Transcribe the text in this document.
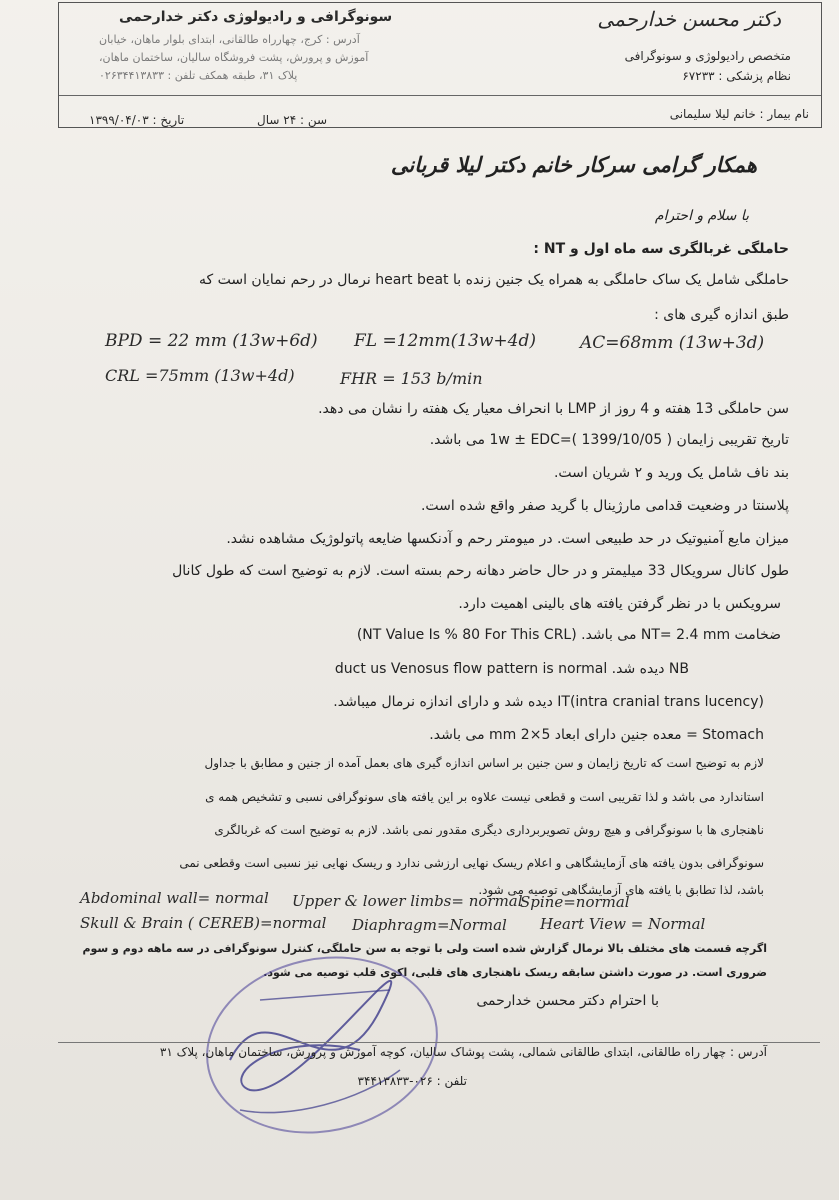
سونوگرافی و رادیولوژی دکتر خدارحمی
آدرس : کرج، چهارراه طالقانی، ابتدای بلوار ماهان، خیابان
آموزش و پرورش، پشت فروشگاه سالیان، ساختمان ماهان،
پلاک ۳۱، طبقه همکف تلفن : ۰۲۶۳۴۴۱۳۸۳۳
دکتر محسن خدارحمی
متخصص رادیولوژی و سونوگرافی
نظام پزشکی : ۶۷۲۳۳
نام بیمار : خانم لیلا سلیمانی
سن : ۲۴ سال
تاریخ : ۱۳۹۹/۰۴/۰۳
همکار گرامی سرکار خانم دکتر لیلا قربانی
با سلام و احترام
حاملگی غربالگری سه ماه اول و NT :
حاملگی شامل یک ساک حاملگی به همراه یک جنین زنده با heart beat نرمال در رحم نمایان است که
طبق اندازه گیری های :
BPD = 22 mm (13w+6d) FL =12mm(13w+4d)	AC=68mm (13w+3d)
CRL =75mm (13w+4d)	FHR = 153 b/min
سن حاملگی 13 هفته و 4 روز از LMP با انحراف معیار یک هفته را نشان می دهد.
تاریخ تقریبی زایمان 1w ± EDC=( 1399/10/05 ) می باشد.
بند ناف شامل یک ورید و ۲ شریان است.
پلاسنتا در وضعیت قدامی مارژینال با گرید صفر واقع شده است.
میزان مایع آمنیوتیک در حد طبیعی است. در میومتر رحم و آدنکسها ضایعه پاتولوژیک مشاهده نشد.
طول کانال سرویکال 33 میلیمتر و در حال حاضر دهانه رحم بسته است. لازم به توضیح است که طول کانال
سرویکس با در نظر گرفتن یافته های بالینی اهمیت دارد.
ضخامت NT= 2.4 mm می باشد. (NT Value Is % 80 For This CRL)
NB دیده شد. duct us Venosus flow pattern is normal
IT(intra cranial trans lucency) دیده شد و دارای اندازه نرمال میباشد.
Stomach = معده جنین دارای ابعاد 5×2 mm می باشد.
لازم به توضیح است که تاریخ زایمان و سن جنین بر اساس اندازه گیری های بعمل آمده از جنین و مطابق با جداول
استاندارد می باشد و لذا تقریبی است و قطعی نیست علاوه بر این یافته های سونوگرافی نسبی و تشخیص همه ی
ناهنجاری ها با سونوگرافی و هیچ روش تصویربرداری دیگری مقدور نمی باشد. لازم به توضیح است که غربالگری
سونوگرافی بدون یافته های آزمایشگاهی و اعلام ریسک نهایی ارزشی ندارد و ریسک نهایی نیز نسبی است وقطعی نمی
باشد، لذا تطابق با یافته های آزمایشگاهی توصیه می شود.
Abdominal wall= normal Upper & lower limbs= normal
Spine=normal
Skull & Brain ( CEREB)=normal Diaphragm=Normal Heart View = Normal
اگرچه قسمت های مختلف بالا نرمال گزارش شده است ولی با توجه به سن حاملگی، کنترل سونوگرافی در سه ماهه دوم و سوم
ضروری است. در صورت داشتن سابقه ریسک ناهنجاری های قلبی، اکوی قلب توصیه می شود.
با احترام دکتر محسن خدارحمی
آدرس : چهار راه طالقانی، ابتدای طالقانی شمالی، پشت پوشاک سالیان، کوچه آموزش و پرورش، ساختمان ماهان، پلاک ۳۱
تلفن : ۰۲۶-۳۴۴۱۳۸۳۳
